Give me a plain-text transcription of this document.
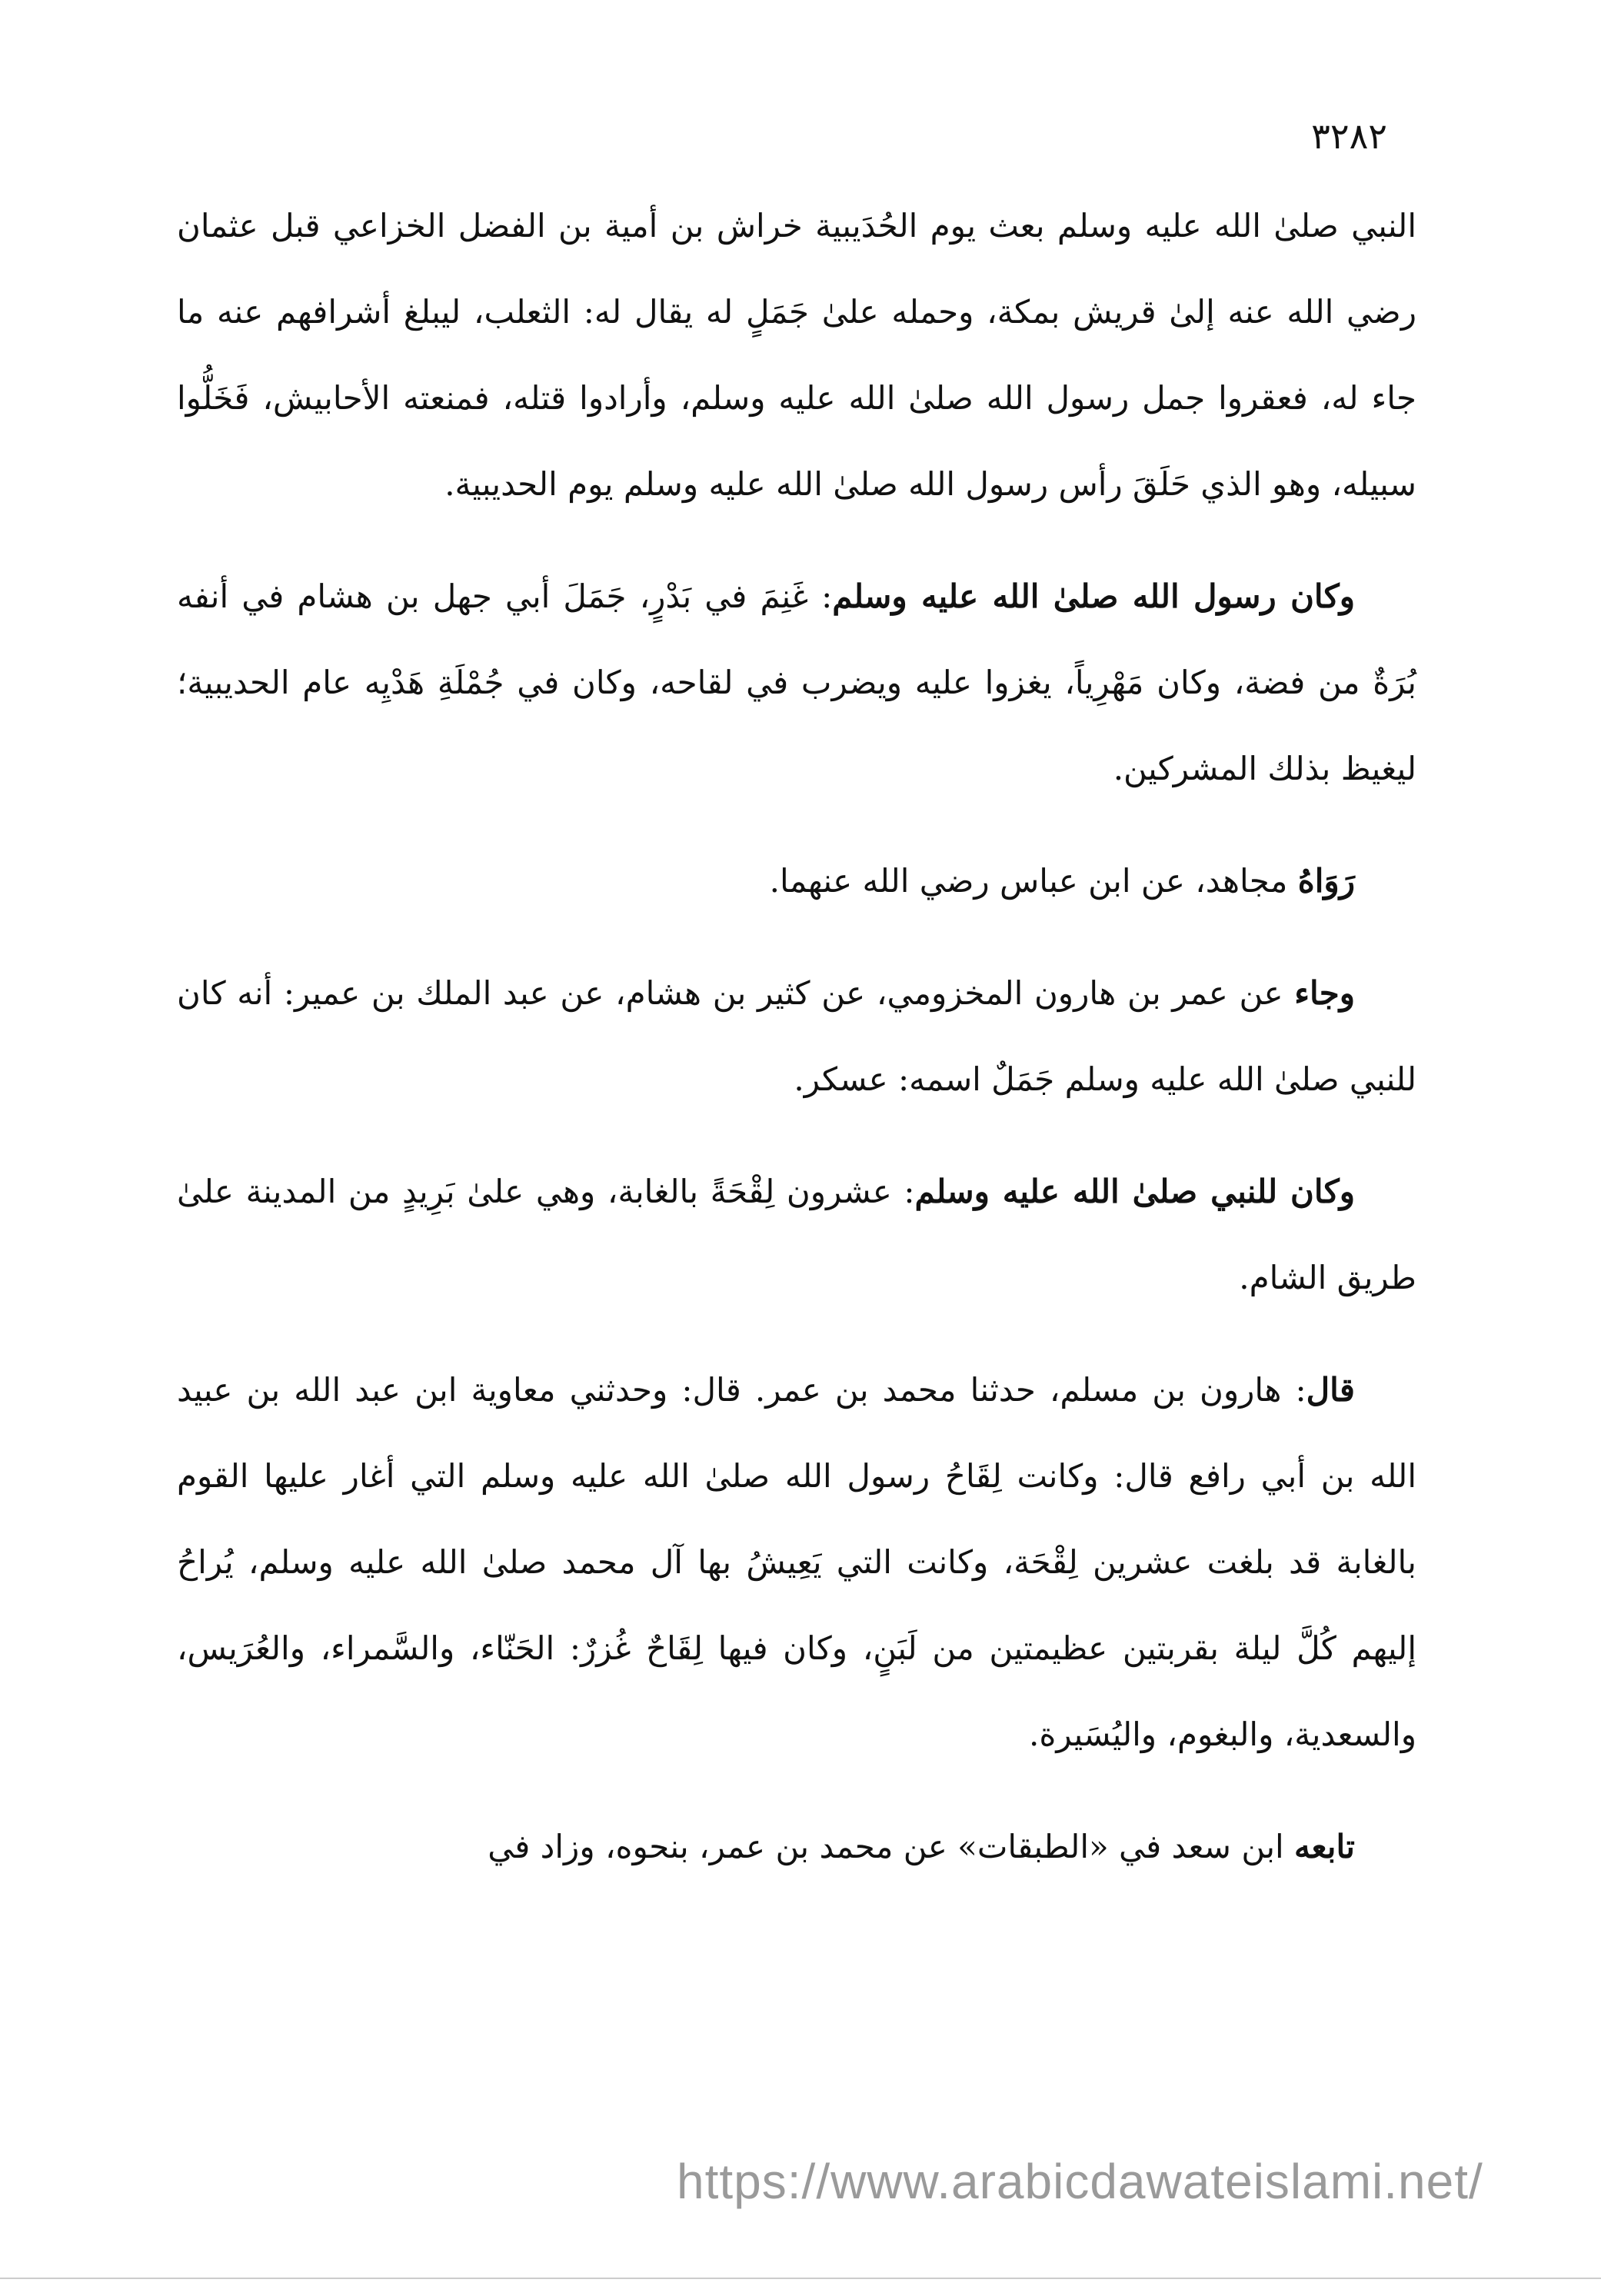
٣٢٨٢

النبي صلىٰ الله عليه وسلم بعث يوم الحُدَيبية خراش بن أمية بن الفضل الخزاعي قبل عثمان رضي الله عنه إلىٰ قريش بمكة، وحمله علىٰ جَمَلٍ له يقال له: الثعلب، ليبلغ أشرافهم عنه ما جاء له، فعقروا جمل رسول الله صلىٰ الله عليه وسلم، وأرادوا قتله، فمنعته الأحابيش، فَخَلُّوا سبيله، وهو الذي حَلَقَ رأس رسول الله صلىٰ الله عليه وسلم يوم الحديبية.

وكان رسول الله صلىٰ الله عليه وسلم: غَنِمَ في بَدْرٍ، جَمَلَ أبي جهل بن هشام في أنفه بُرَةٌ من فضة، وكان مَهْرِياً، يغزوا عليه ويضرب في لقاحه، وكان في جُمْلَةِ هَدْيِه عام الحديبية؛ ليغيظ بذلك المشركين.

رَوَاهُ مجاهد، عن ابن عباس رضي الله عنهما.

وجاء عن عمر بن هارون المخزومي، عن كثير بن هشام، عن عبد الملك بن عمير: أنه كان للنبي صلىٰ الله عليه وسلم جَمَلٌ اسمه: عسكر.

وكان للنبي صلىٰ الله عليه وسلم: عشرون لِقْحَةً بالغابة، وهي علىٰ بَرِيدٍ من المدينة علىٰ طريق الشام.

قال: هارون بن مسلم، حدثنا محمد بن عمر. قال: وحدثني معاوية ابن عبد الله بن عبيد الله بن أبي رافع قال: وكانت لِقَاحُ رسول الله صلىٰ الله عليه وسلم التي أغار عليها القوم بالغابة قد بلغت عشرين لِقْحَة، وكانت التي يَعِيشُ بها آل محمد صلىٰ الله عليه وسلم، يُراحُ إليهم كُلَّ ليلة بقربتين عظيمتين من لَبَنٍ، وكان فيها لِقَاحٌ غُزرٌ: الحَنّاء، والسَّمراء، والعُرَيس، والسعدية، والبغوم، واليُسَيرة.

تابعه ابن سعد في «الطبقات» عن محمد بن عمر، بنحوه، وزاد في

https://www.arabicdawateislami.net/
